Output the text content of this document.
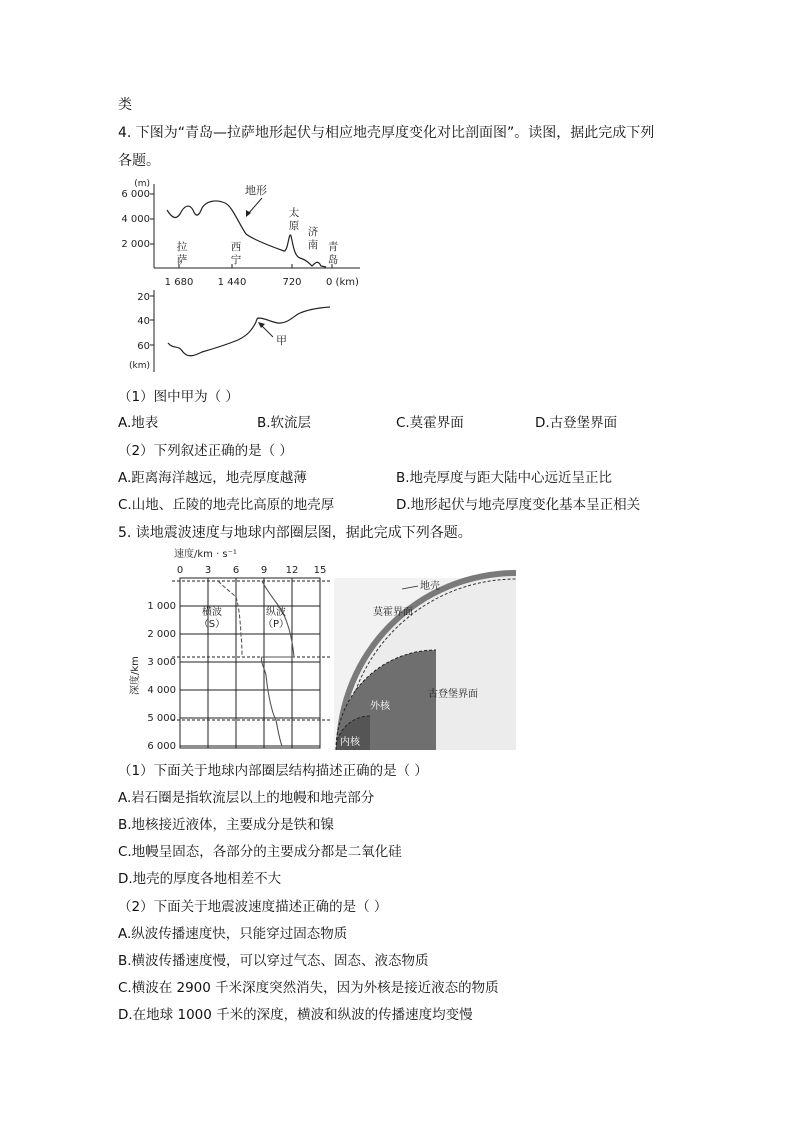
类
4. 下图为“青岛—拉萨地形起伏与相应地壳厚度变化对比剖面图”。读图，据此完成下列
各题。
(m)
6 000
4 000
2 000
1 680 1 440	720 0 (km)
地形
拉
萨
西
宁
太
原 济
南 青
岛
20
40
60
(km)
甲
（1）图中甲为（ ）
A.地表	B.软流层	C.莫霍界面	D.古登堡界面
（2）下列叙述正确的是（ ）
A.距离海洋越远，地壳厚度越薄	B.地壳厚度与距大陆中心远近呈正比
C.山地、丘陵的地壳比高原的地壳厚	D.地形起伏与地壳厚度变化基本呈正相关
5. 读地震波速度与地球内部圈层图，据此完成下列各题。
速度/km · s⁻¹
0 3 6 9 12 15
1 000
2 000
3 000
4 000
5 000
6 000
深度/km
横波
（S）
纵波
（P）
地壳
莫霍界面
古登堡界面
外核
内核
（1）下面关于地球内部圈层结构描述正确的是（ ）
A.岩石圈是指软流层以上的地幔和地壳部分
B.地核接近液体，主要成分是铁和镍
C.地幔呈固态，各部分的主要成分都是二氧化硅
D.地壳的厚度各地相差不大
（2）下面关于地震波速度描述正确的是（ ）
A.纵波传播速度快，只能穿过固态物质
B.横波传播速度慢，可以穿过气态、固态、液态物质
C.横波在 2900 千米深度突然消失，因为外核是接近液态的物质
D.在地球 1000 千米的深度，横波和纵波的传播速度均变慢
